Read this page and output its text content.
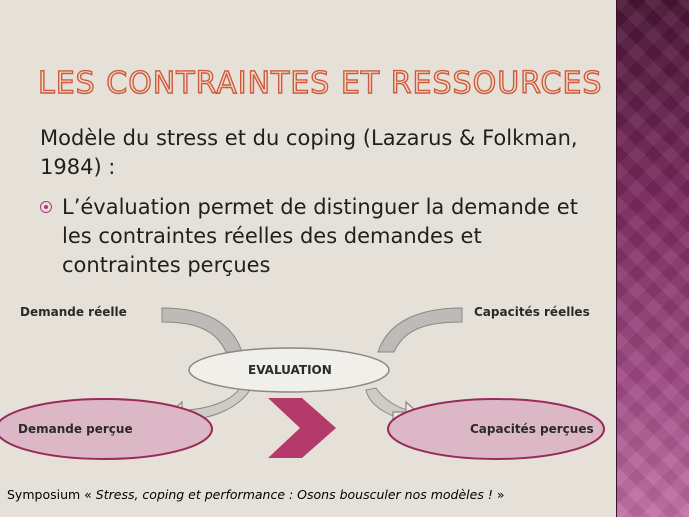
LES CONTRAINTES ET RESSOURCES
Modèle du stress et du coping (Lazarus & Folkman, 1984) :
L’évaluation permet de distinguer la demande et les contraintes réelles des demandes et contraintes perçues
Demande réelle	Capacités réelles
EVALUATION
Demande perçue	Capacités perçues
Symposium « Stress, coping et performance : Osons bousculer nos modèles ! »
